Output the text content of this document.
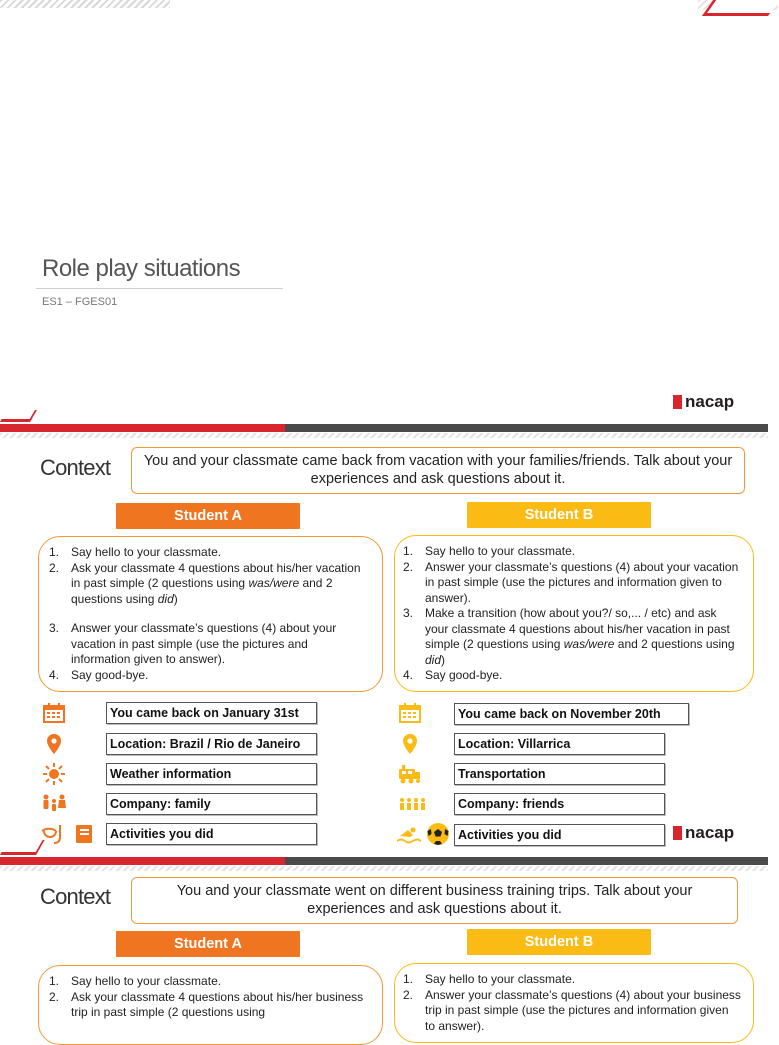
Role play situations
ES1 – FGES01
nacap
Context	You and your classmate came back from vacation with your families/friends. Talk about your experiences and ask questions about it.
Student A	Student B
1. Say hello to your classmate.
2. Ask your classmate 4 questions about his/her vacation in past simple (2 questions using was/were and 2 questions using did)
3. Answer your classmate’s questions (4) about your vacation in past simple (use the pictures and information given to answer).
4. Say good-bye.
1. Say hello to your classmate.
2. Answer your classmate’s questions (4) about your vacation in past simple (use the pictures and information given to answer).
3. Make a transition (how about you?/ so,... / etc) and ask your classmate 4 questions about his/her vacation in past simple (2 questions using was/were and 2 questions using did)
4. Say good-bye.
You came back on January 31st
Location: Brazil / Rio de Janeiro
Weather information
Company: family
Activities you did
You came back on November 20th
Location: Villarrica
Transportation
Company: friends
Activities you did	nacap
Context	You and your classmate went on different business training trips. Talk about your experiences and ask questions about it.
Student A	Student B
1. Say hello to your classmate.
2. Ask your classmate 4 questions about his/her business trip in past simple (2 questions using
1. Say hello to your classmate.
2. Answer your classmate’s questions (4) about your business trip in past simple (use the pictures and information given to answer).
